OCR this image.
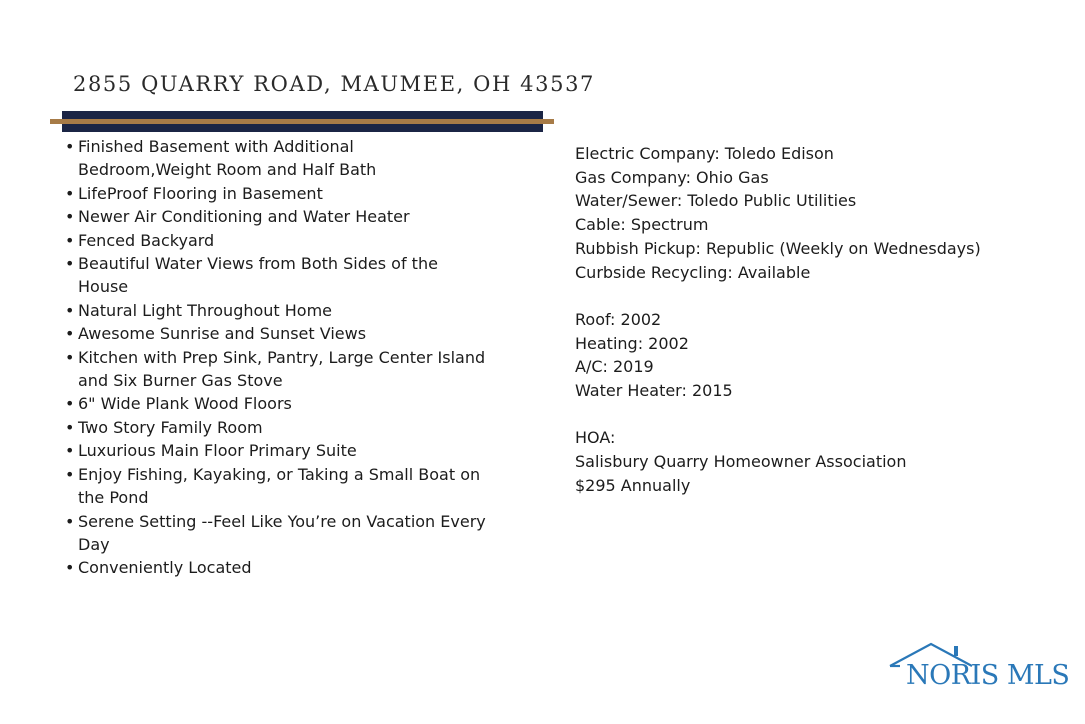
2855 QUARRY ROAD, MAUMEE, OH 43537
• Finished Basement with Additional Bedroom,Weight Room and Half Bath
• LifeProof Flooring in Basement
• Newer Air Conditioning and Water Heater
• Fenced Backyard
• Beautiful Water Views from Both Sides of the House
• Natural Light Throughout Home
• Awesome Sunrise and Sunset Views
• Kitchen with Prep Sink, Pantry, Large Center Island and Six Burner Gas Stove
• 6" Wide Plank Wood Floors
• Two Story Family Room
• Luxurious Main Floor Primary Suite
• Enjoy Fishing, Kayaking, or Taking a Small Boat on the Pond
• Serene Setting --Feel Like You’re on Vacation Every Day
• Conveniently Located
Electric Company: Toledo Edison
Gas Company: Ohio Gas
Water/Sewer: Toledo Public Utilities
Cable: Spectrum
Rubbish Pickup: Republic (Weekly on Wednesdays)
Curbside Recycling: Available
Roof: 2002
Heating: 2002
A/C: 2019
Water Heater: 2015
HOA:
Salisbury Quarry Homeowner Association
$295 Annually
NORIS MLS
